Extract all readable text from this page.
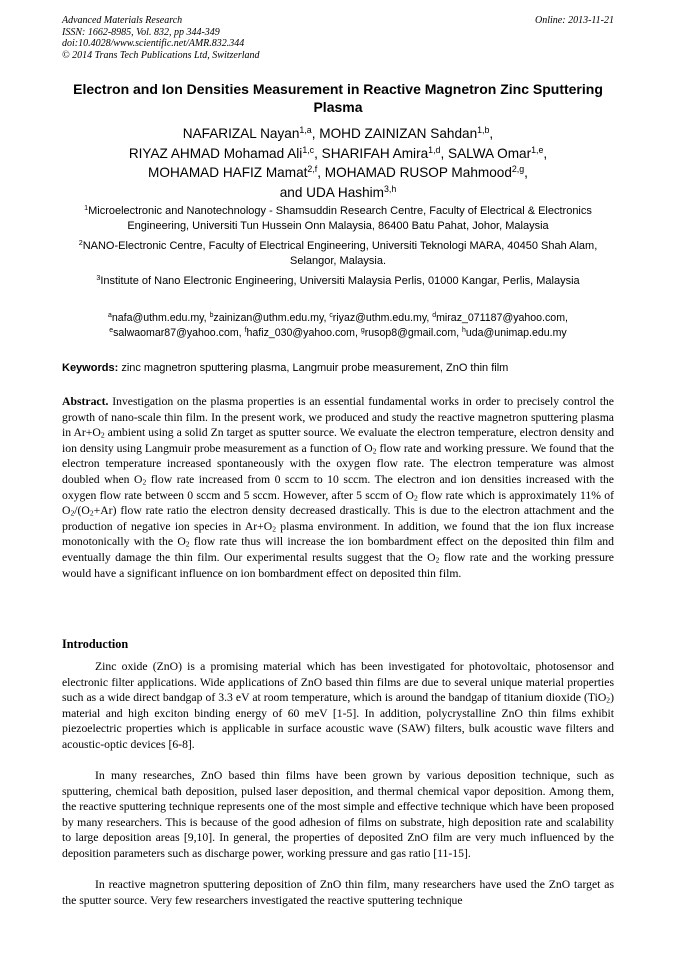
Advanced Materials Research
ISSN: 1662-8985, Vol. 832, pp 344-349
doi:10.4028/www.scientific.net/AMR.832.344
© 2014 Trans Tech Publications Ltd, Switzerland
Online: 2013-11-21
Electron and Ion Densities Measurement in Reactive Magnetron Zinc Sputtering Plasma
NAFARIZAL Nayan$^{1,a}$, MOHD ZAINIZAN Sahdan$^{1,b}$,
RIYAZ AHMAD Mohamad Ali$^{1,c}$, SHARIFAH Amira$^{1,d}$, SALWA Omar$^{1,e}$,
MOHAMAD HAFIZ Mamat$^{2,f}$, MOHAMAD RUSOP Mahmood$^{2,g}$,
and UDA Hashim$^{3,h}$
$^1$Microelectronic and Nanotechnology - Shamsuddin Research Centre, Faculty of Electrical & Electronics Engineering, Universiti Tun Hussein Onn Malaysia, 86400 Batu Pahat, Johor, Malaysia
$^2$NANO-Electronic Centre, Faculty of Electrical Engineering, Universiti Teknologi MARA, 40450 Shah Alam, Selangor, Malaysia.
$^3$Institute of Nano Electronic Engineering, Universiti Malaysia Perlis, 01000 Kangar, Perlis, Malaysia
$^a$nafa@uthm.edu.my, $^b$zainizan@uthm.edu.my, $^c$riyaz@uthm.edu.my, $^d$miraz_071187@yahoo.com,
$^e$salwaomar87@yahoo.com, $^f$hafiz_030@yahoo.com, $^g$rusop8@gmail.com, $^h$uda@unimap.edu.my
Keywords: zinc magnetron sputtering plasma, Langmuir probe measurement, ZnO thin film
Abstract. Investigation on the plasma properties is an essential fundamental works in order to precisely control the growth of nano-scale thin film. In the present work, we produced and study the reactive magnetron sputtering plasma in $Ar+O_2$ ambient using a solid Zn target as sputter source. We evaluate the electron temperature, electron density and ion density using Langmuir probe measurement as a function of $O_2$ flow rate and working pressure. We found that the electron temperature increased spontaneously with the oxygen flow rate. The electron temperature was almost doubled when $O_2$ flow rate increased from 0 sccm to 10 sccm. The electron and ion densities increased with the oxygen flow rate between 0 sccm and 5 sccm. However, after 5 sccm of $O_2$ flow rate which is approximately 11% of $O_2/(O_2+Ar)$ flow rate ratio the electron density decreased drastically. This is due to the electron attachment and the production of negative ion species in $Ar+O_2$ plasma environment. In addition, we found that the ion flux increase monotonically with the $O_2$ flow rate thus will increase the ion bombardment effect on the deposited thin film and eventually damage the thin film. Our experimental results suggest that the $O_2$ flow rate and the working pressure would have a significant influence on ion bombardment effect on deposited thin film.
Introduction
Zinc oxide (ZnO) is a promising material which has been investigated for photovoltaic, photosensor and electronic filter applications. Wide applications of ZnO based thin films are due to several unique material properties such as a wide direct bandgap of 3.3 eV at room temperature, which is around the bandgap of titanium dioxide (TiO$_2$) material and high exciton binding energy of 60 meV [1-5]. In addition, polycrystalline ZnO thin films exhibit piezoelectric properties which is applicable in surface acoustic wave (SAW) filters, bulk acoustic wave filters and acoustic-optic devices [6-8].
In many researches, ZnO based thin films have been grown by various deposition technique, such as sputtering, chemical bath deposition, pulsed laser deposition, and thermal chemical vapor deposition. Among them, the reactive sputtering technique represents one of the most simple and effective technique which have been proposed by many researchers. This is because of the good adhesion of films on substrate, high deposition rate and scalability to large deposition areas [9,10]. In general, the properties of deposited ZnO film are very much influenced by the deposition parameters such as discharge power, working pressure and gas ratio [11-15].
In reactive magnetron sputtering deposition of ZnO thin film, many researchers have used the ZnO target as the sputter source. Very few researchers investigated the reactive sputtering technique
